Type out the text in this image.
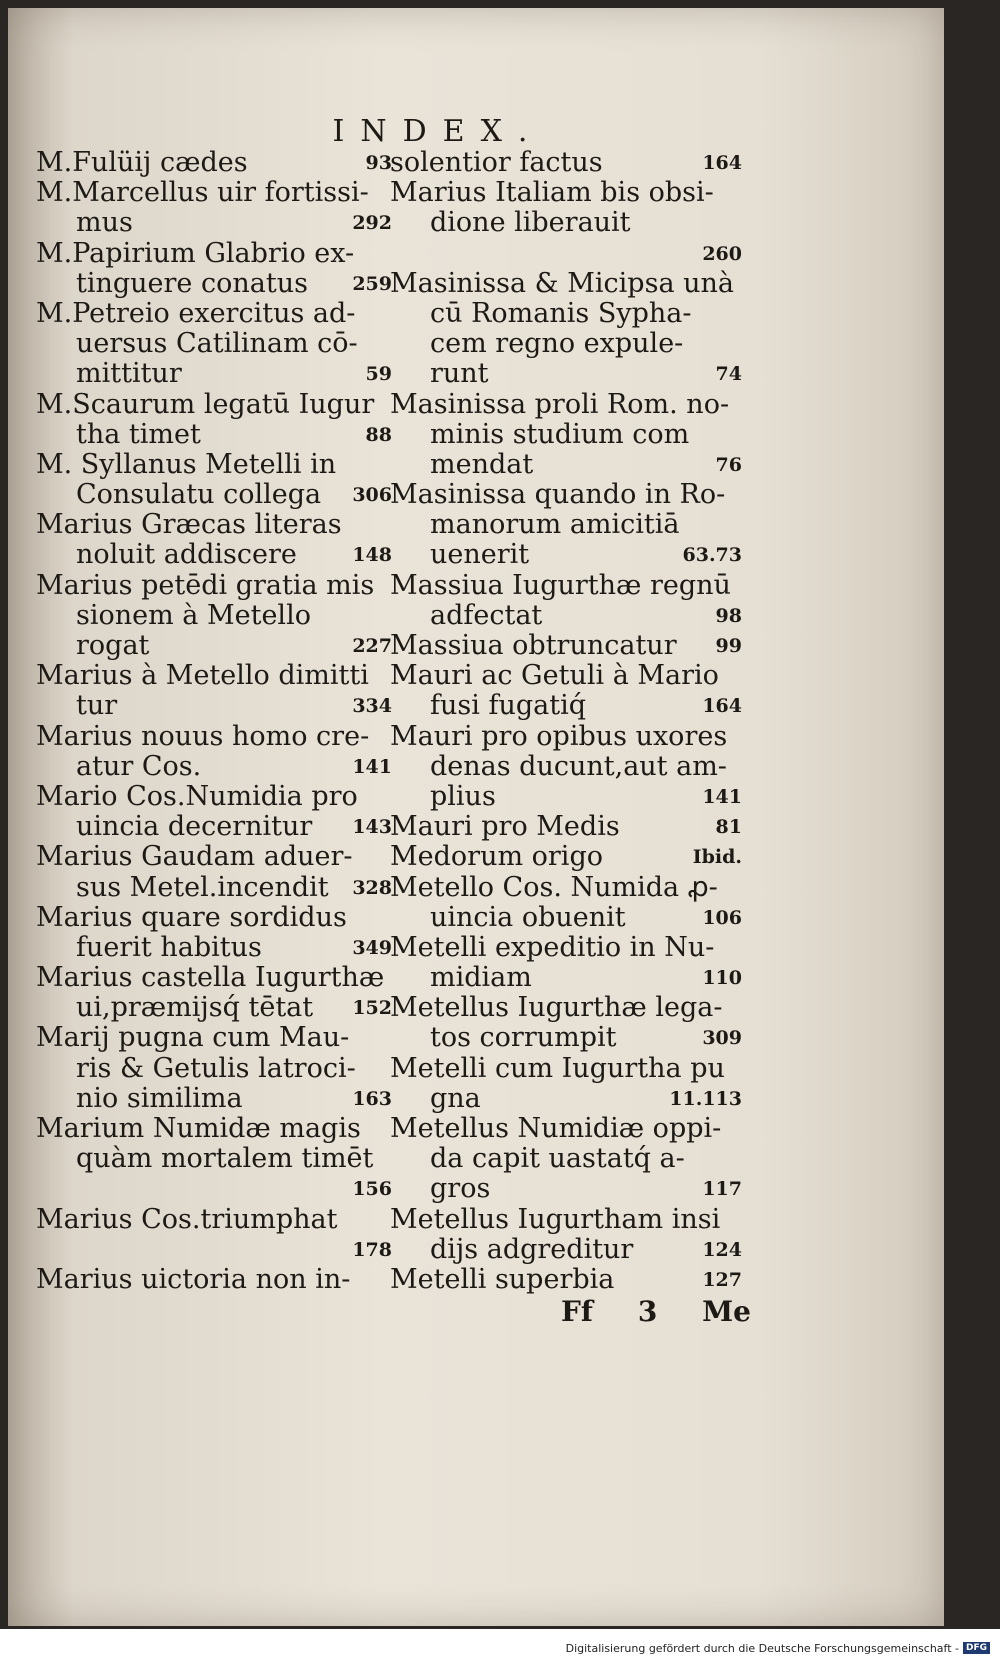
INDEX.
M.Fulüij cædes	93
M.Marcellus uir fortissi-
mus	292
M.Papirium Glabrio ex-
tinguere conatus 259
M.Petreio exercitus ad-
uersus Catilinam cō-
mittitur	59
M.Scaurum legatū Iugur
tha timet	88
M. Syllanus Metelli in
Consulatu collega 306
Marius Græcas literas
noluit addiscere	148
Marius petēdi gratia mis
sionem à Metello
rogat	227
Marius à Metello dimitti
tur	334
Marius nouus homo cre-
atur Cos.	141
Mario Cos.Numidia pro
uincia decernitur 143
Marius Gaudam aduer-
sus Metel.incendit 328
Marius quare sordidus
fuerit habitus	349
Marius castella Iugurthæ
ui,præmijsq́ tētat 152
Marij pugna cum Mau-
ris & Getulis latroci-
nio similima	163
Marium Numidæ magis
quàm mortalem timēt
156
Marius Cos.triumphat
178
Marius uictoria non in-
solentior factus	164
Marius Italiam bis obsi-
dione liberauit
260
Masinissa & Micipsa unà
cū Romanis Sypha-
cem regno expule-
runt	74
Masinissa proli Rom. no-
minis studium com
mendat	76
Masinissa quando in Ro-
manorum amicitiā
uenerit	63.73
Massiua Iugurthæ regnū
adfectat	98
Massiua obtruncatur 99
Mauri ac Getuli à Mario
fusi fugatiq́	164
Mauri pro opibus uxores
denas ducunt,aut am-
plius	141
Mauri pro Medis	81
Medorum origo	Ibid.
Metello Cos. Numida ꝓ-
uincia obuenit	106
Metelli expeditio in Nu-
midiam	110
Metellus Iugurthæ lega-
tos corrumpit	309
Metelli cum Iugurtha pu
gna	11.113
Metellus Numidiæ oppi-
da capit uastatq́ a-
gros	117
Metellus Iugurtham insi
dijs adgreditur	124
Metelli superbia	127
Ff 3 Me
Digitalisierung gefördert durch die Deutsche Forschungsgemeinschaft - DFG
